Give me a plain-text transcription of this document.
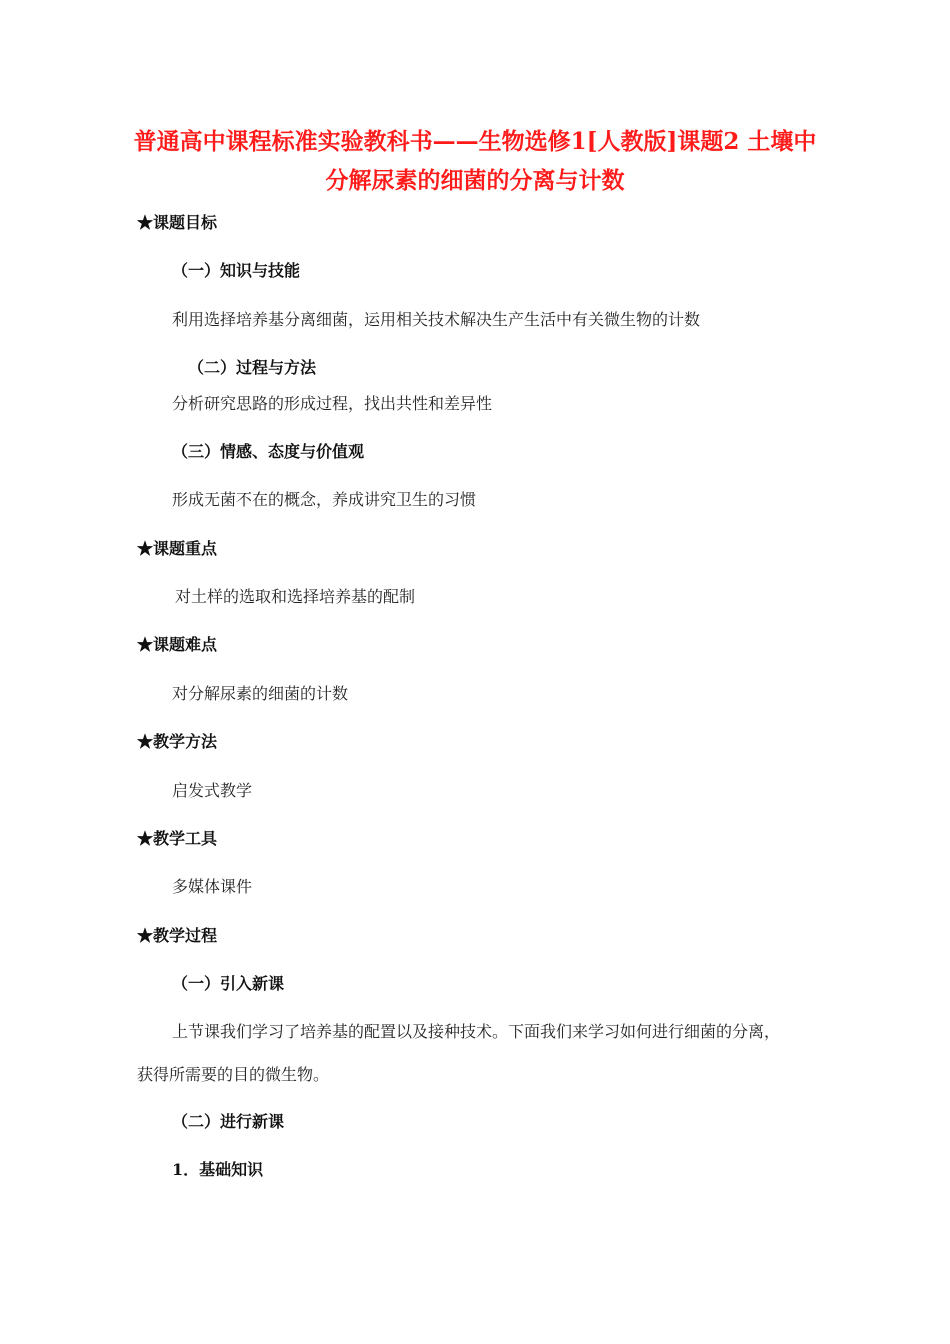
普通高中课程标准实验教科书——生物选修1[人教版]课题2 土壤中
分解尿素的细菌的分离与计数
★课题目标
（一）知识与技能
利用选择培养基分离细菌，运用相关技术解决生产生活中有关微生物的计数
（二）过程与方法
分析研究思路的形成过程，找出共性和差异性
（三）情感、态度与价值观
形成无菌不在的概念，养成讲究卫生的习惯
★课题重点
对土样的选取和选择培养基的配制
★课题难点
对分解尿素的细菌的计数
★教学方法
启发式教学
★教学工具
多媒体课件
★教学过程
（一）引入新课
上节课我们学习了培养基的配置以及接种技术。下面我们来学习如何进行细菌的分离，
获得所需要的目的微生物。
（二）进行新课
1．基础知识
